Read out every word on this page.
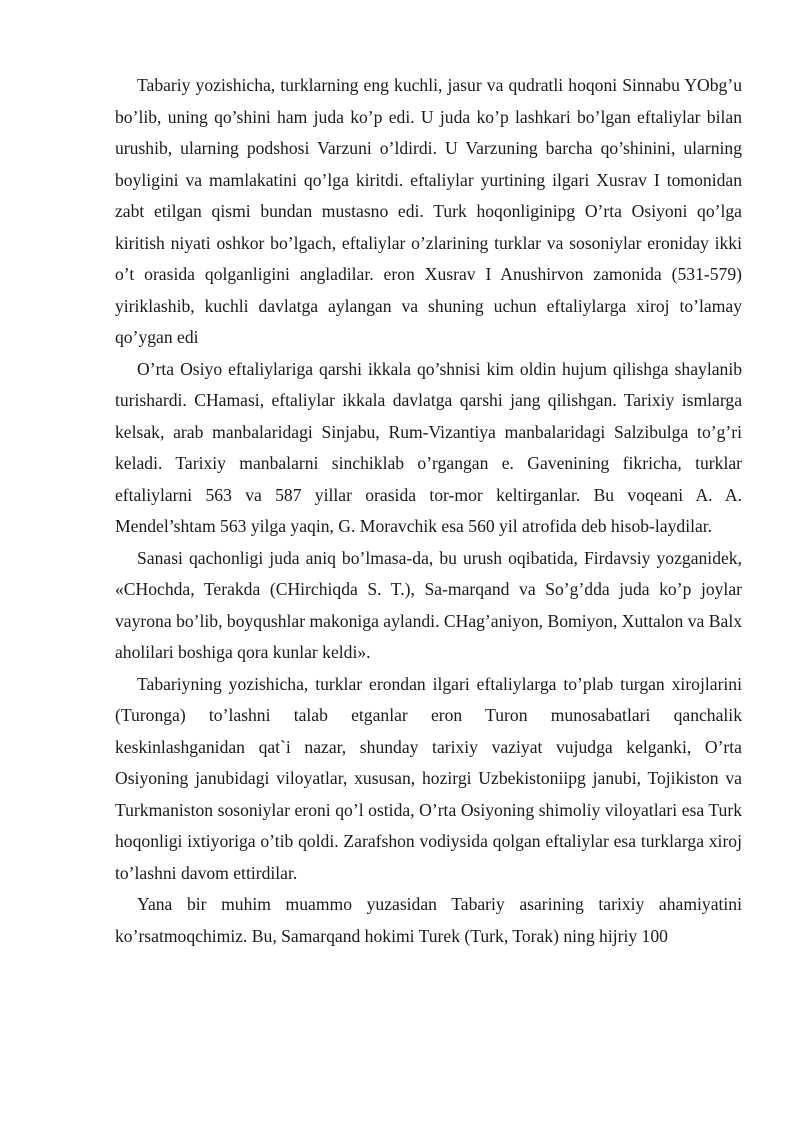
Tabariy yozishicha, turklarning eng kuchli, jasur va qudratli hoqoni Sinnabu YObg’u bo’lib, uning qo’shini ham juda ko’p edi. U juda ko’p lashkari bo’lgan eftaliylar bilan urushib, ularning podshosi Varzuni o’ldirdi. U Varzuning barcha qo’shinini, ularning boyligini va mamlakatini qo’lga kiritdi. eftaliylar yurtining ilgari Xusrav I tomonidan zabt etilgan qismi bundan mustasno edi. Turk hoqonliginipg O’rta Osiyoni qo’lga kiritish niyati oshkor bo’lgach, eftaliylar o’zlarining turklar va sosoniylar eroniday ikki o’t orasida qolganligini angladilar. eron Xusrav I Anushirvon zamonida (531-579) yiriklashib, kuchli davlatga aylangan va shuning uchun eftaliylarga xiroj to’lamay qo’ygan edi

O’rta Osiyo eftaliylariga qarshi ikkala qo’shnisi kim oldin hujum qilishga shaylanib turishardi. CHamasi, eftaliylar ikkala davlatga qarshi jang qilishgan. Tarixiy ismlarga kelsak, arab manbalaridagi Sinjabu, Rum-Vizantiya manbalaridagi Salzibulga to’g’ri keladi. Tarixiy manbalarni sinchiklab o’rgangan e. Gavenining fikricha, turklar eftaliylarni 563 va 587 yillar orasida tor-mor keltirganlar. Bu voqeani A. A. Mendel’shtam 563 yilga yaqin, G. Moravchik esa 560 yil atrofida deb hisob-laydilar.

Sanasi qachonligi juda aniq bo’lmasa-da, bu urush oqibatida, Firdavsiy yozganidek, «CHochda, Terakda (CHirchiqda S. T.), Sa-marqand va So’g’dda juda ko’p joylar vayrona bo’lib, boyqushlar makoniga aylandi. CHag’aniyon, Bomiyon, Xuttalon va Balx aholilari boshiga qora kunlar keldi».

Tabariyning yozishicha, turklar erondan ilgari eftaliylarga to’plab turgan xirojlarini (Turonga) to’lashni talab etganlar eron Turon munosabatlari qanchalik keskinlashganidan qat`i nazar, shunday tarixiy vaziyat vujudga kelganki, O’rta Osiyoning janubidagi viloyatlar, xususan, hozirgi Uzbekistoniipg janubi, Tojikiston va Turkmaniston sosoniylar eroni qo’l ostida, O’rta Osiyoning shimoliy viloyatlari esa Turk hoqonligi ixtiyoriga o’tib qoldi. Zarafshon vodiysida qolgan eftaliylar esa turklarga xiroj to’lashni davom ettirdilar.

Yana bir muhim muammo yuzasidan Tabariy asarining tarixiy ahamiyatini ko’rsatmoqchimiz. Bu, Samarqand hokimi Turek (Turk, Torak) ning hijriy 100
